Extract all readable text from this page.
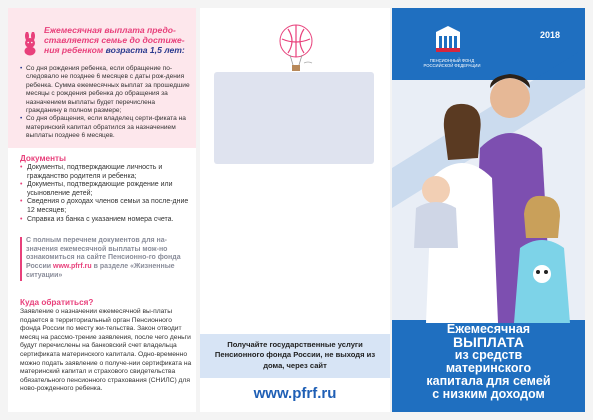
Ежемесячная выплата предо-ставляется семье до достиже-ния ребенком возраста 1,5 лет:
• Со дня рождения ребенка, если обращение по-следовало не позднее 6 месяцев с даты рож-дения ребенка. Сумма ежемесячных выплат за прошедшие месяцы с рождения ребенка до обращения за назначением выплаты будет перечислена гражданину в полном размере;
• Со дня обращения, если владелец серти-фиката на материнский капитал обратился за назначением выплаты позднее 6 месяцев.
Документы
• Документы, подтверждающие личность и гражданство родителя и ребенка;
• Документы, подтверждающие рождение или усыновление детей;
• Сведения о доходах членов семьи за после-дние 12 месяцев;
• Справка из банка с указанием номера счета.
С полным перечнем документов для на-значения ежемесячной выплаты мож-но ознакомиться на сайте Пенсионно-го фонда России www.pfrf.ru в разделе «Жизненные ситуации»
Куда обратиться?
Заявление о назначении ежемесячной вы-платы подается в территориальный орган Пенсионного фонда России по месту жи-тельства. Закон отводит месяц на рассмо-трение заявления, после чего деньги будут перечислены на банковский счет владельца сертификата материнского капитала. Одно-временно можно подать заявление о получе-нии сертификата на материнский капитал и страхового свидетельства обязательного пенсионного страхования (СНИЛС) для ново-рожденного ребенка.
Получайте государственные услуги Пенсионного фонда России, не выходя из дома, через сайт
www.pfrf.ru
ПЕНСИОННЫЙ ФОНД РОССИЙСКОЙ ФЕДЕРАЦИИ
2018
Ежемесячная
ВЫПЛАТА
из средств
материнского
капитала для семей
с низким доходом
